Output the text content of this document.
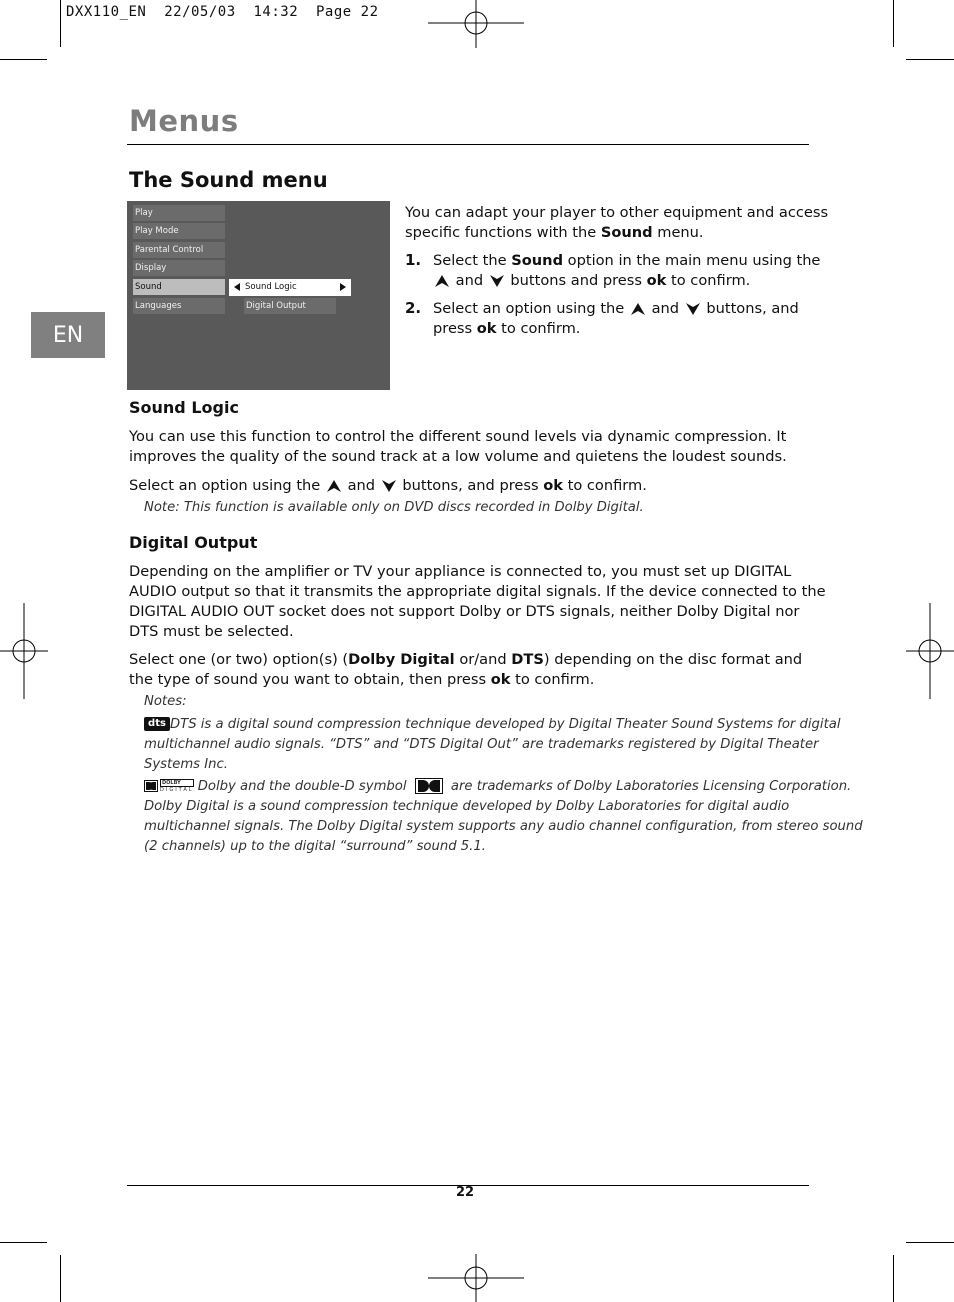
DXX110_EN  22/05/03  14:32  Page 22
Menus
The Sound menu
EN
Play
Play Mode
Parental Control
Display
Sound
Languages
Sound Logic
Digital Output
You can adapt your player to other equipment and access
specific functions with the Sound menu.
1. Select the Sound option in the main menu using the
and buttons and press ok to confirm.
2. Select an option using the and buttons, and
press ok to confirm.
Sound Logic
You can use this function to control the different sound levels via dynamic compression. It
improves the quality of the sound track at a low volume and quietens the loudest sounds.
Select an option using the and buttons, and press ok to confirm.
Note: This function is available only on DVD discs recorded in Dolby Digital.
Digital Output
Depending on the amplifier or TV your appliance is connected to, you must set up DIGITAL
AUDIO output so that it transmits the appropriate digital signals. If the device connected to the
DIGITAL AUDIO OUT socket does not support Dolby or DTS signals, neither Dolby Digital nor
DTS must be selected.
Select one (or two) option(s) (Dolby Digital or/and DTS) depending on the disc format and
the type of sound you want to obtain, then press ok to confirm.
Notes:
dts DTS is a digital sound compression technique developed by Digital Theater Sound Systems for digital
multichannel audio signals. “DTS” and “DTS Digital Out” are trademarks registered by Digital Theater
Systems Inc.
DOLBY
DIGITAL Dolby and the double-D symbol	are trademarks of Dolby Laboratories Licensing Corporation.
Dolby Digital is a sound compression technique developed by Dolby Laboratories for digital audio
multichannel signals. The Dolby Digital system supports any audio channel configuration, from stereo sound
(2 channels) up to the digital “surround” sound 5.1.
22
